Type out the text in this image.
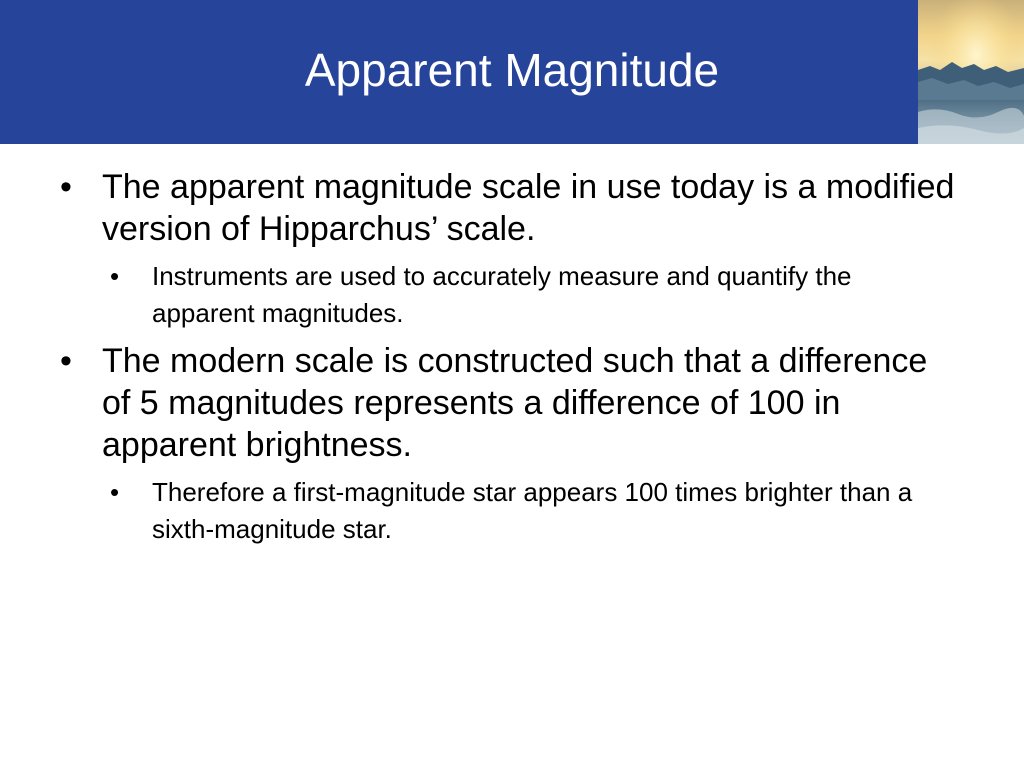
Apparent Magnitude
• The apparent magnitude scale in use today is a modified version of Hipparchus’ scale.
•	Instruments are used to accurately measure and quantify the apparent magnitudes.
• The modern scale is constructed such that a difference of 5 magnitudes represents a difference of 100 in apparent brightness.
•	Therefore a first-magnitude star appears 100 times brighter than a sixth-magnitude star.
